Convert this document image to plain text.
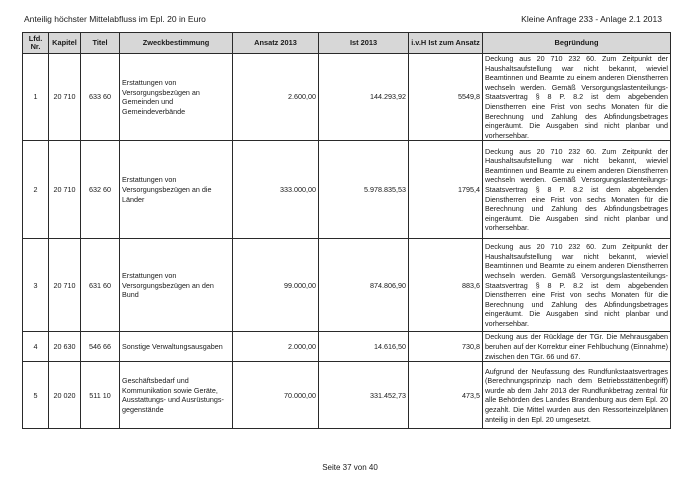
Anteilig höchster Mittelabfluss im Epl. 20 in Euro	Kleine Anfrage 233 - Anlage 2.1 2013
Lfd. Nr.	Kapitel	Titel	Zweckbestimmung	Ansatz 2013	Ist 2013	i.v.H Ist zum Ansatz	Begründung
1	20 710	633 60	Erstattungen von Versorgungsbezügen an Gemeinden und Gemeindeverbände	2.600,00	144.293,92	5549,8	Deckung aus 20 710 232 60. Zum Zeitpunkt der Haushaltsaufstellung war nicht bekannt, wieviel Beamtinnen und Beamte zu einem anderen Dienstherren wechseln werden. Gemäß Versorgungslastenteilungs-Staatsvertrag § 8 P. 8.2 ist dem abgebenden Dienstherren eine Frist von sechs Monaten für die Berechnung und Zahlung des Abfindungsbetrages eingeräumt. Die Ausgaben sind nicht planbar und vorhersehbar.
2	20 710	632 60	Erstattungen von Versorgungsbezügen an die Länder	333.000,00	5.978.835,53	1795,4	Deckung aus 20 710 232 60. Zum Zeitpunkt der Haushaltsaufstellung war nicht bekannt, wieviel Beamtinnen und Beamte zu einem anderen Dienstherren wechseln werden. Gemäß Versorgungslastenteilungs-Staatsvertrag § 8 P. 8.2 ist dem abgebenden Dienstherren eine Frist von sechs Monaten für die Berechnung und Zahlung des Abfindungsbetrages eingeräumt. Die Ausgaben sind nicht planbar und vorhersehbar.
3	20 710	631 60	Erstattungen von Versorgungsbezügen an den Bund	99.000,00	874.806,90	883,6	Deckung aus 20 710 232 60. Zum Zeitpunkt der Haushaltsaufstellung war nicht bekannt, wieviel Beamtinnen und Beamte zu einem anderen Dienstherren wechseln werden. Gemäß Versorgungslastenteilungs-Staatsvertrag § 8 P. 8.2 ist dem abgebenden Dienstherren eine Frist von sechs Monaten für die Berechnung und Zahlung des Abfindungsbetrages eingeräumt. Die Ausgaben sind nicht planbar und vorhersehbar.
4	20 630	546 66	Sonstige Verwaltungsausgaben	2.000,00	14.616,50	730,8	Deckung aus der Rücklage der TGr. Die Mehrausgaben beruhen auf der Korrektur einer Fehlbuchung (Einnahme) zwischen den TGr. 66 und 67.
5	20 020	511 10	Geschäftsbedarf und Kommunikation sowie Geräte, Ausstattungs- und Ausrüstungs-gegenstände	70.000,00	331.452,73	473,5	Aufgrund der Neufassung des Rundfunkstaatsvertrages (Berechnungsprinzip nach dem Betriebsstättenbegriff) wurde ab dem Jahr 2013 der Rundfunkbetrag zentral für alle Behörden des Landes Brandenburg aus dem Epl. 20 gezahlt. Die Mittel wurden aus den Ressorteinzelplänen anteilig in den Epl. 20 umgesetzt.
Seite 37 von 40
